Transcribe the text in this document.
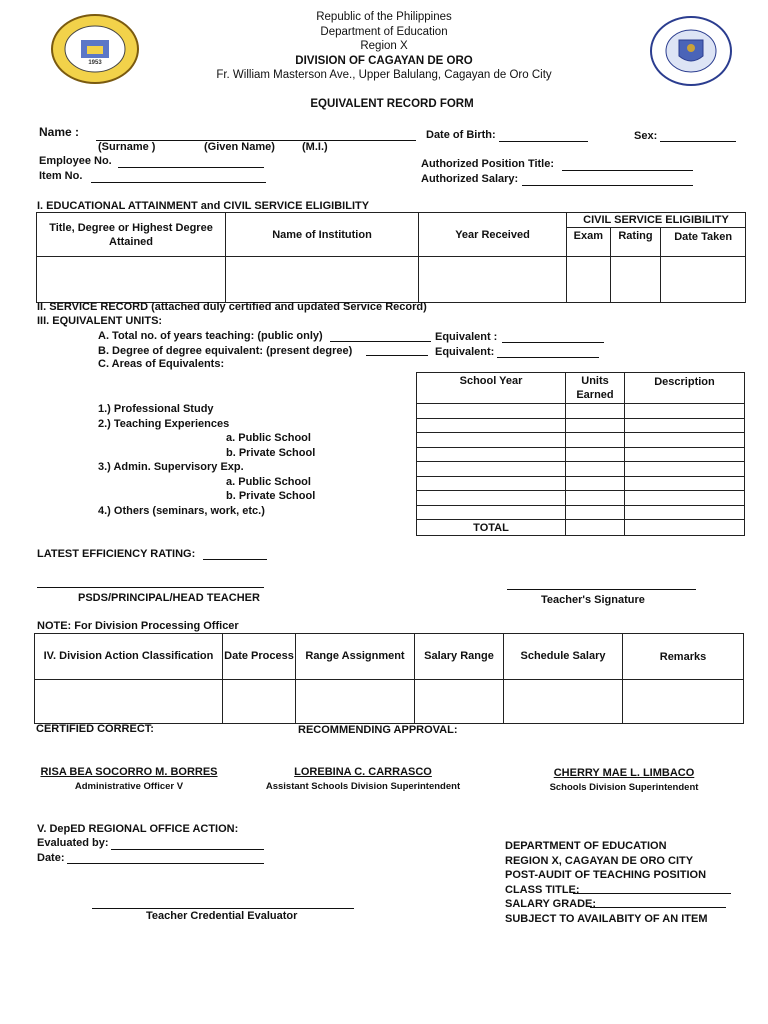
1953
Republic of the Philippines
Department of Education
Region X
DIVISION OF CAGAYAN DE ORO
Fr. William Masterson Ave., Upper Balulang, Cagayan de Oro City
EQUIVALENT RECORD FORM
Name :
(Surname )	(Given Name) (M.I.)
Date of Birth:	Sex:
Employee No.
Item No.
Authorized Position Title:
Authorized Salary:
I. EDUCATIONAL ATTAINMENT and CIVIL SERVICE ELIGIBILITY
Title, Degree or Highest Degree Attained	Name of Institution	Year Received	CIVIL SERVICE ELIGIBILITY		
			Exam	Rating	Date Taken

II. SERVICE RECORD (attached duly certified and updated Service Record)
III. EQUIVALENT UNITS:
A. Total no. of years teaching: (public only)	Equivalent :
B. Degree of degree equivalent: (present degree)	Equivalent:
C. Areas of Equivalents:
School Year	Units Earned	Description

TOTAL		
1.) Professional Study
2.) Teaching Experiences
a. Public School
b. Private School
3.) Admin. Supervisory Exp.
a. Public School
b. Private School
4.) Others (seminars, work, etc.)
LATEST EFFICIENCY RATING:
PSDS/PRINCIPAL/HEAD TEACHER	Teacher's Signature
NOTE: For Division Processing Officer
IV. Division Action Classification	Date Process	Range Assignment	Salary Range	Schedule Salary	Remarks

CERTIFIED CORRECT:	RECOMMENDING APPROVAL:
RISA BEA SOCORRO M. BORRES
Administrative Officer V
LOREBINA C. CARRASCO
Assistant Schools Division Superintendent
CHERRY MAE L. LIMBACO
Schools Division Superintendent
V. DepED REGIONAL OFFICE ACTION:
Evaluated by:
Date:
Teacher Credential Evaluator
DEPARTMENT OF EDUCATION
REGION X, CAGAYAN DE ORO CITY
POST-AUDIT OF TEACHING POSITION
CLASS TITLE:
SALARY GRADE:
SUBJECT TO AVAILABITY OF AN ITEM
